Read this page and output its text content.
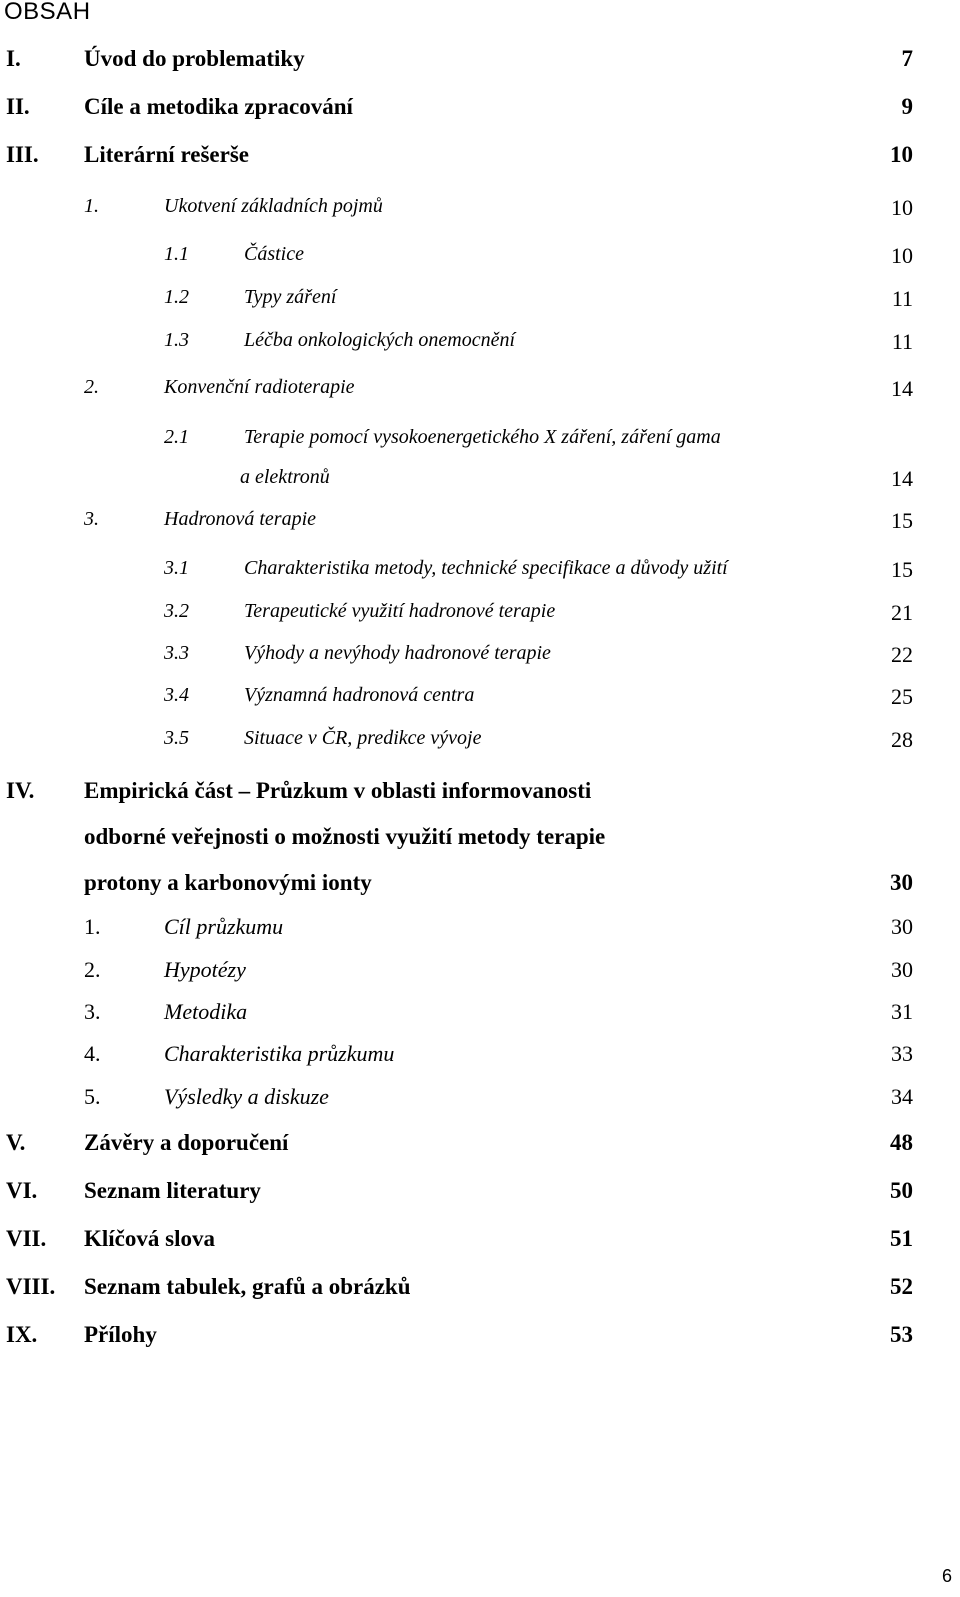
OBSAH
I.	Úvod do problematiky	7
II. Cíle a metodika zpracování	9
III. Literární rešerše	10
1.	Ukotvení základních pojmů	10
1.1	Částice	10
1.2	Typy záření	11
1.3	Léčba onkologických onemocnění	11
2.	Konvenční radioterapie	14
2.1	Terapie pomocí vysokoenergetického X záření, záření gama
a elektronů	14
3.	Hadronová terapie	15
3.1	Charakteristika metody, technické specifikace a důvody užití	15
3.2	Terapeutické využití hadronové terapie	21
3.3	Výhody a nevýhody hadronové terapie	22
3.4	Významná hadronová centra	25
3.5	Situace v ČR, predikce vývoje	28
IV. Empirická část – Průzkum v oblasti informovanosti
odborné veřejnosti o možnosti využití metody terapie
protony a karbonovými ionty	30
1.	Cíl průzkumu	30
2.	Hypotézy	30
3.	Metodika	31
4.	Charakteristika průzkumu	33
5.	Výsledky a diskuze	34
V.	Závěry a doporučení	48
VI. Seznam literatury	50
VII. Klíčová slova	51
VIII. Seznam tabulek, grafů a obrázků	52
IX. Přílohy	53
6
